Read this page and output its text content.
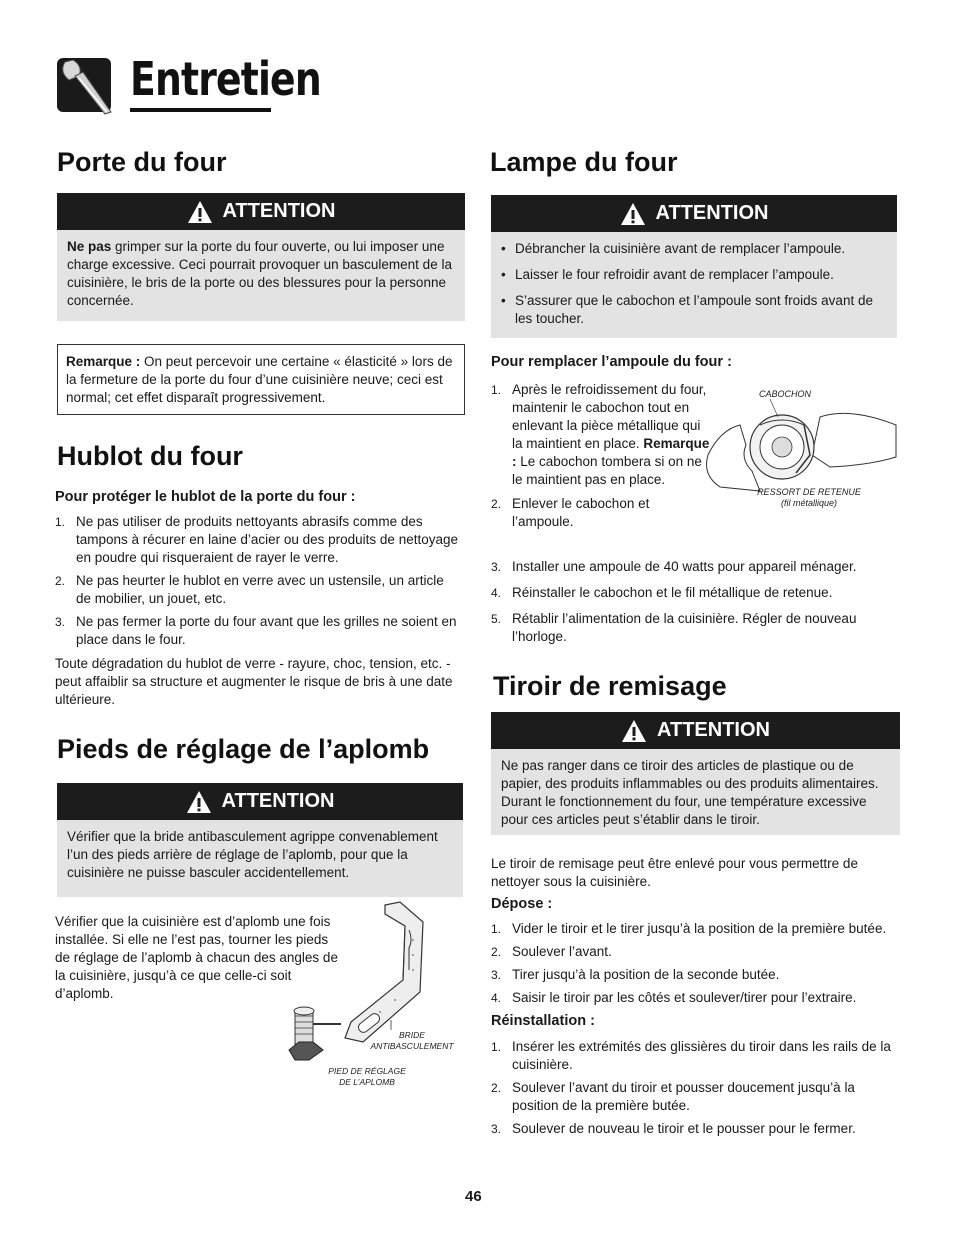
Entretien
Porte du four
ATTENTION
Ne pas grimper sur la porte du four ouverte, ou lui imposer une charge excessive. Ceci pourrait provoquer un basculement de la cuisinière, le bris de la porte ou des blessures pour la personne concernée.
Remarque : On peut percevoir une certaine « élasticité » lors de la fermeture de la porte du four d’une cuisinière neuve; ceci est normal; cet effet disparaît progressivement.
Hublot du four
Pour protéger le hublot de la porte du four :
1. Ne pas utiliser de produits nettoyants abrasifs comme des tampons à récurer en laine d’acier ou des produits de nettoyage en poudre qui risqueraient de rayer le verre.
2. Ne pas heurter le hublot en verre avec un ustensile, un article de mobilier, un jouet, etc.
3. Ne pas fermer la porte du four avant que les grilles ne soient en place dans le four.
Toute dégradation du hublot de verre - rayure, choc, tension, etc. - peut affaiblir sa structure et augmenter le risque de bris à une date ultérieure.
Pieds de réglage de l’aplomb
ATTENTION
Vérifier que la bride antibasculement agrippe convenablement l’un des pieds arrière de réglage de l’aplomb, pour que la cuisinière ne puisse basculer accidentellement.
Vérifier que la cuisinière est d’aplomb une fois installée. Si elle ne l’est pas, tourner les pieds de réglage de l’aplomb à chacun des angles de la cuisinière, jusqu’à ce que celle-ci soit d’aplomb.
BRIDE
ANTIBASCULEMENT
PIED DE RÉGLAGE
DE L’APLOMB
Lampe du four
ATTENTION
• Débrancher la cuisinière avant de remplacer l’ampoule.
• Laisser le four refroidir avant de remplacer l’ampoule.
• S’assurer que le cabochon et l’ampoule sont froids avant de les toucher.
Pour remplacer l’ampoule du four :
1. Après le refroidissement du four, maintenir le cabochon tout en enlevant la pièce métallique qui la maintient en place. Remarque : Le cabochon tombera si on ne le maintient pas en place.
2. Enlever le cabochon et l’ampoule.
3. Installer une ampoule de 40 watts pour appareil ménager.
4. Réinstaller le cabochon et le fil métallique de retenue.
5. Rétablir l’alimentation de la cuisinière. Régler de nouveau l’horloge.
CABOCHON
RESSORT DE RETENUE
(fil métallique)
Tiroir de remisage
ATTENTION
Ne pas ranger dans ce tiroir des articles de plastique ou de papier, des produits inflammables ou des produits alimentaires. Durant le fonctionnement du four, une température excessive pour ces articles peut s’établir dans le tiroir.
Le tiroir de remisage peut être enlevé pour vous permettre de nettoyer sous la cuisinière.
Dépose :
1. Vider le tiroir et le tirer jusqu’à la position de la première butée.
2. Soulever l’avant.
3. Tirer jusqu’à la position de la seconde butée.
4. Saisir le tiroir par les côtés et soulever/tirer pour l’extraire.
Réinstallation :
1. Insérer les extrémités des glissières du tiroir dans les rails de la cuisinière.
2. Soulever l’avant du tiroir et pousser doucement jusqu’à la position de la première butée.
3. Soulever de nouveau le tiroir et le pousser pour le fermer.
46
